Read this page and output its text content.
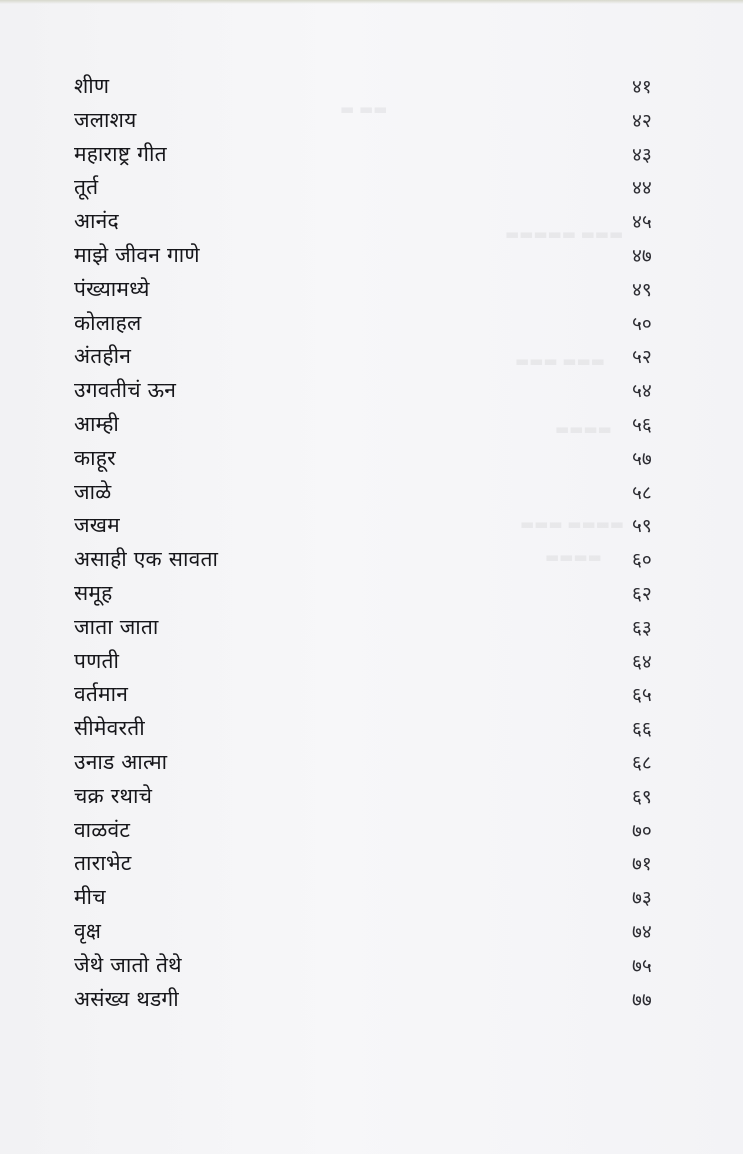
▬ ▬▬
▬▬▬▬▬ ▬▬▬
▬▬▬ ▬▬▬
▬▬▬▬
▬▬▬ ▬▬▬▬
▬▬▬▬
शीण	४१
जलाशय	४२
महाराष्ट्र गीत	४३
तूर्त	४४
आनंद	४५
माझे जीवन गाणे	४७
पंख्यामध्ये	४९
कोलाहल	५०
अंतहीन	५२
उगवतीचं ऊन	५४
आम्ही	५६
काहूर	५७
जाळे	५८
जखम	५९
असाही एक सावता	६०
समूह	६२
जाता जाता	६३
पणती	६४
वर्तमान	६५
सीमेवरती	६६
उनाड आत्मा	६८
चक्र रथाचे	६९
वाळवंट	७०
ताराभेट	७१
मीच	७३
वृक्ष	७४
जेथे जातो तेथे	७५
असंख्य थडगी	७७
